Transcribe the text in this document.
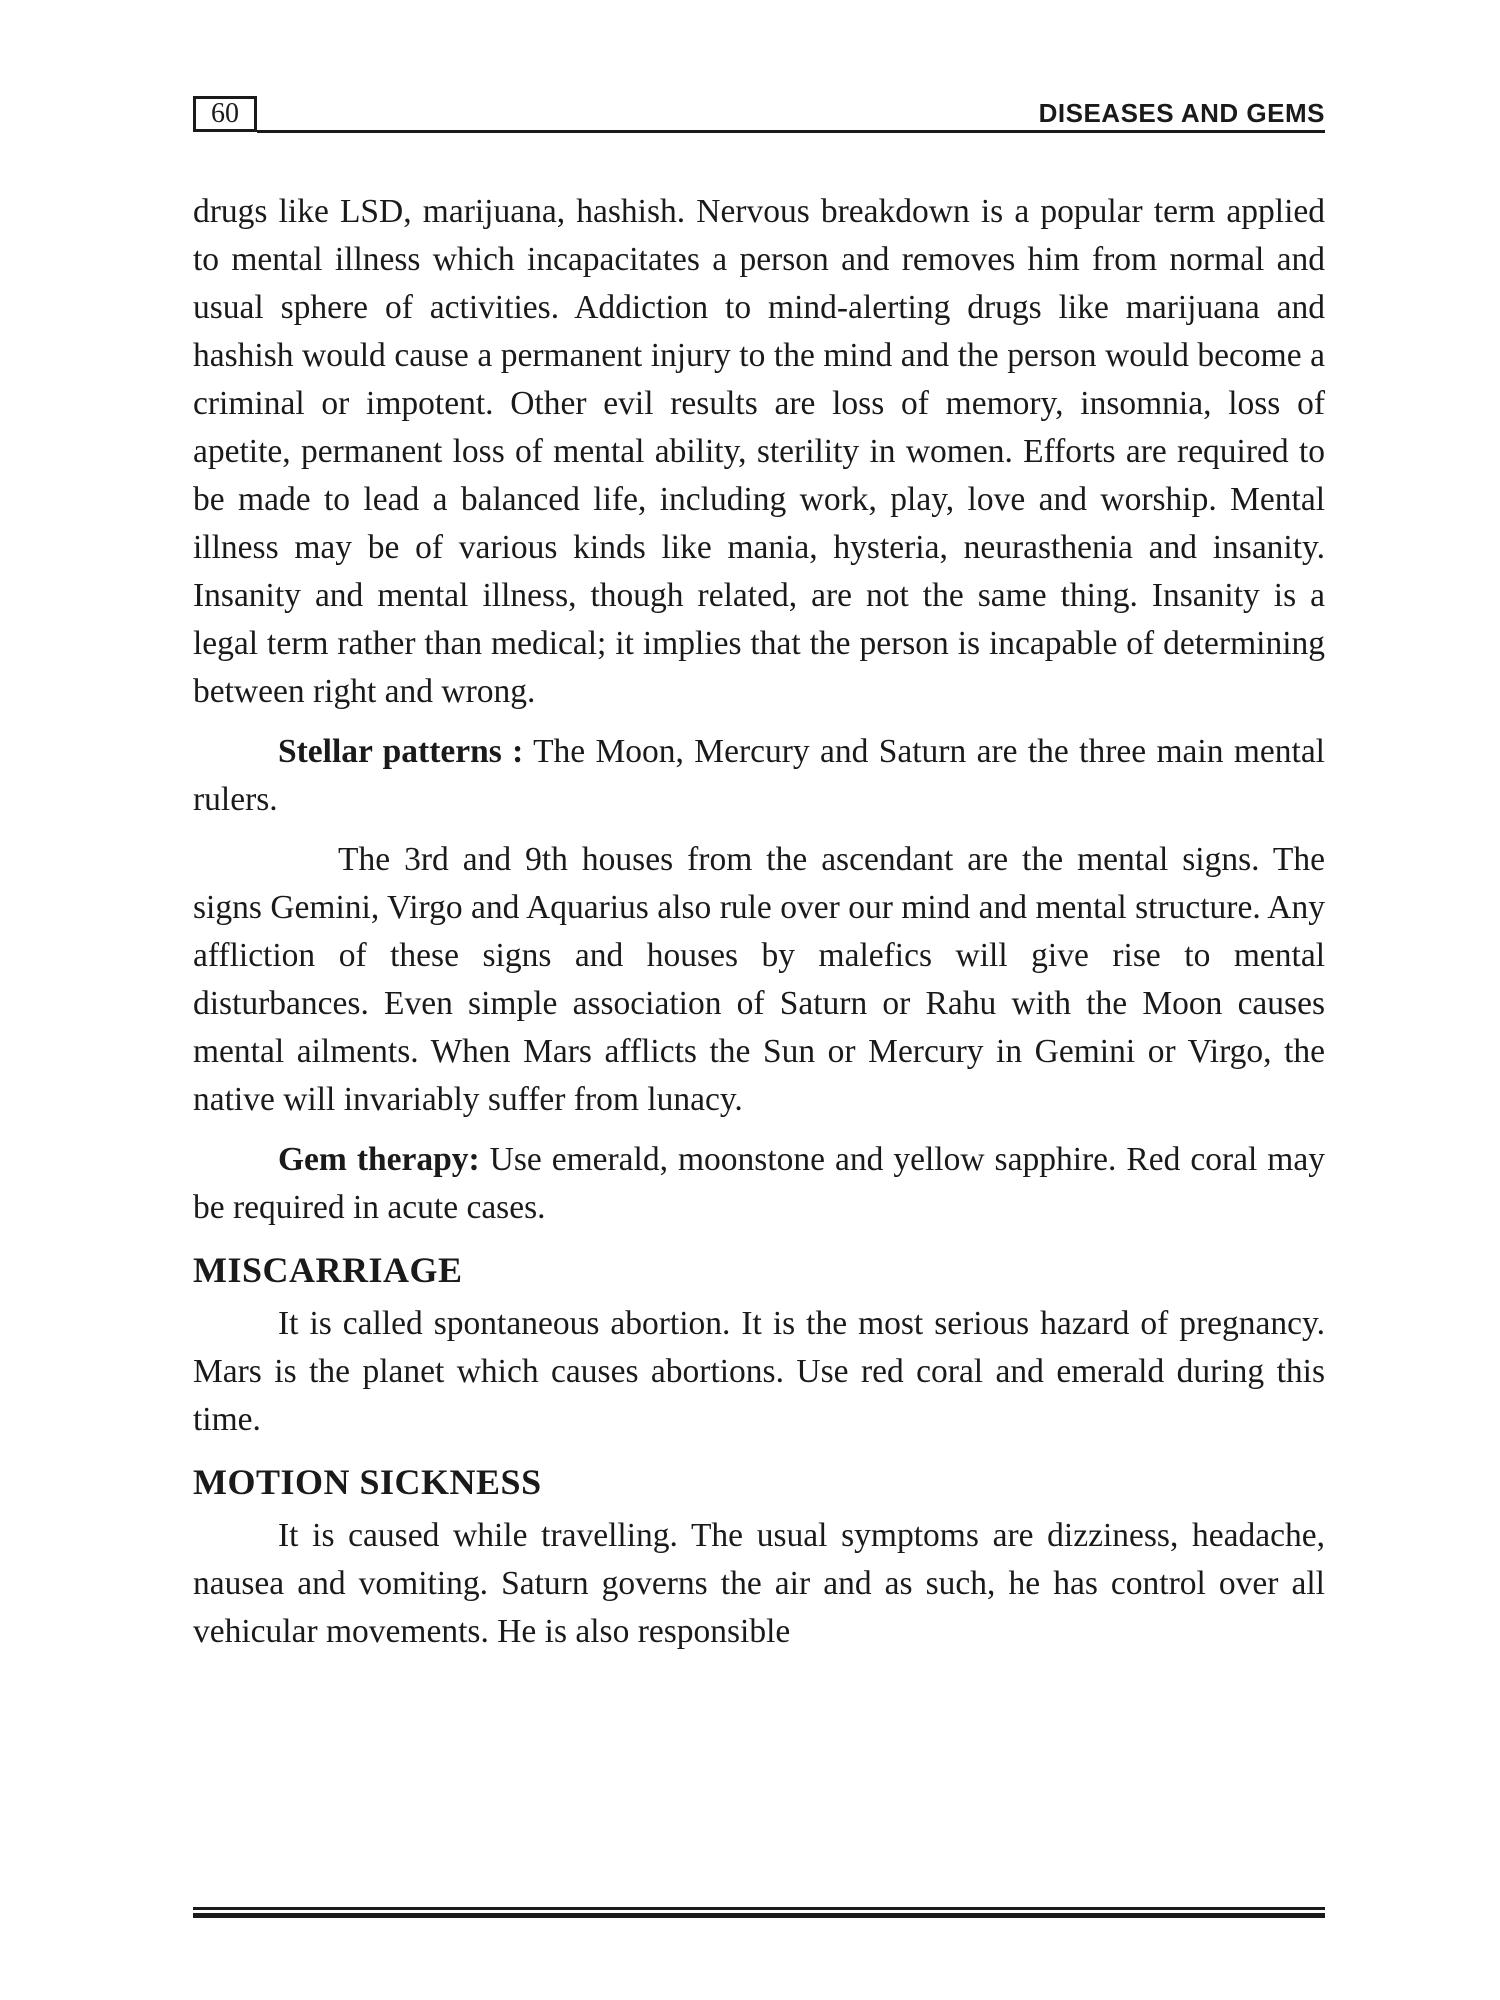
60	DISEASES AND GEMS

drugs like LSD, marijuana, hashish. Nervous breakdown is a popular term applied to mental illness which incapacitates a person and removes him from normal and usual sphere of activities. Addiction to mind-alerting drugs like marijuana and hashish would cause a permanent injury to the mind and the person would become a criminal or impotent. Other evil results are loss of memory, insomnia, loss of apetite, permanent loss of mental ability, sterility in women. Efforts are required to be made to lead a balanced life, including work, play, love and worship. Mental illness may be of various kinds like mania, hysteria, neurasthenia and insanity. Insanity and mental illness, though related, are not the same thing. Insanity is a legal term rather than medical; it implies that the person is incapable of determining between right and wrong.

Stellar patterns : The Moon, Mercury and Saturn are the three main mental rulers.

The 3rd and 9th houses from the ascendant are the mental signs. The signs Gemini, Virgo and Aquarius also rule over our mind and mental structure. Any affliction of these signs and houses by malefics will give rise to mental disturbances. Even simple association of Saturn or Rahu with the Moon causes mental ailments. When Mars afflicts the Sun or Mercury in Gemini or Virgo, the native will invariably suffer from lunacy.

Gem therapy: Use emerald, moonstone and yellow sapphire. Red coral may be required in acute cases.

MISCARRIAGE

It is called spontaneous abortion. It is the most serious hazard of pregnancy. Mars is the planet which causes abortions. Use red coral and emerald during this time.

MOTION SICKNESS

It is caused while travelling. The usual symptoms are dizziness, headache, nausea and vomiting. Saturn governs the air and as such, he has control over all vehicular movements. He is also responsible
